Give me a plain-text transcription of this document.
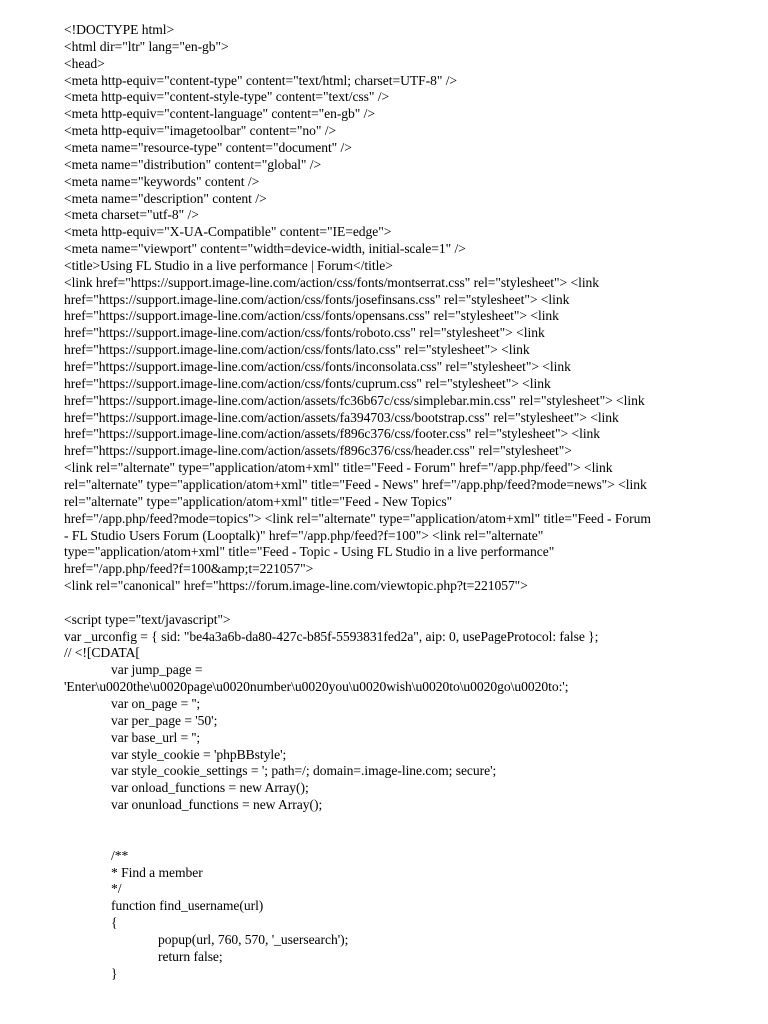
<!DOCTYPE html>
<html dir="ltr" lang="en-gb">
<head>
<meta http-equiv="content-type" content="text/html; charset=UTF-8" />
<meta http-equiv="content-style-type" content="text/css" />
<meta http-equiv="content-language" content="en-gb" />
<meta http-equiv="imagetoolbar" content="no" />
<meta name="resource-type" content="document" />
<meta name="distribution" content="global" />
<meta name="keywords" content />
<meta name="description" content />
<meta charset="utf-8" />
<meta http-equiv="X-UA-Compatible" content="IE=edge">
<meta name="viewport" content="width=device-width, initial-scale=1" />
<title>Using FL Studio in a live performance | Forum</title>
<link href="https://support.image-line.com/action/css/fonts/montserrat.css" rel="stylesheet"> <link
href="https://support.image-line.com/action/css/fonts/josefinsans.css" rel="stylesheet"> <link
href="https://support.image-line.com/action/css/fonts/opensans.css" rel="stylesheet"> <link
href="https://support.image-line.com/action/css/fonts/roboto.css" rel="stylesheet"> <link
href="https://support.image-line.com/action/css/fonts/lato.css" rel="stylesheet"> <link
href="https://support.image-line.com/action/css/fonts/inconsolata.css" rel="stylesheet"> <link
href="https://support.image-line.com/action/css/fonts/cuprum.css" rel="stylesheet"> <link
href="https://support.image-line.com/action/assets/fc36b67c/css/simplebar.min.css" rel="stylesheet"> <link
href="https://support.image-line.com/action/assets/fa394703/css/bootstrap.css" rel="stylesheet"> <link
href="https://support.image-line.com/action/assets/f896c376/css/footer.css" rel="stylesheet"> <link
href="https://support.image-line.com/action/assets/f896c376/css/header.css" rel="stylesheet">
<link rel="alternate" type="application/atom+xml" title="Feed - Forum" href="/app.php/feed"> <link
rel="alternate" type="application/atom+xml" title="Feed - News" href="/app.php/feed?mode=news"> <link
rel="alternate" type="application/atom+xml" title="Feed - New Topics"
href="/app.php/feed?mode=topics"> <link rel="alternate" type="application/atom+xml" title="Feed - Forum
- FL Studio Users Forum (Looptalk)" href="/app.php/feed?f=100"> <link rel="alternate"
type="application/atom+xml" title="Feed - Topic - Using FL Studio in a live performance"
href="/app.php/feed?f=100&amp;t=221057">
<link rel="canonical" href="https://forum.image-line.com/viewtopic.php?t=221057">
<script type="text/javascript">
var _urconfig = { sid: "be4a3a6b-da80-427c-b85f-5593831fed2a", aip: 0, usePageProtocol: false };
// <![CDATA[
var jump_page =
'Enter\u0020the\u0020page\u0020number\u0020you\u0020wish\u0020to\u0020go\u0020to:';
var on_page = '';
var per_page = '50';
var base_url = '';
var style_cookie = 'phpBBstyle';
var style_cookie_settings = '; path=/; domain=.image-line.com; secure';
var onload_functions = new Array();
var onunload_functions = new Array();
/**
* Find a member
*/
function find_username(url)
{
popup(url, 760, 570, '_usersearch');
return false;
}
